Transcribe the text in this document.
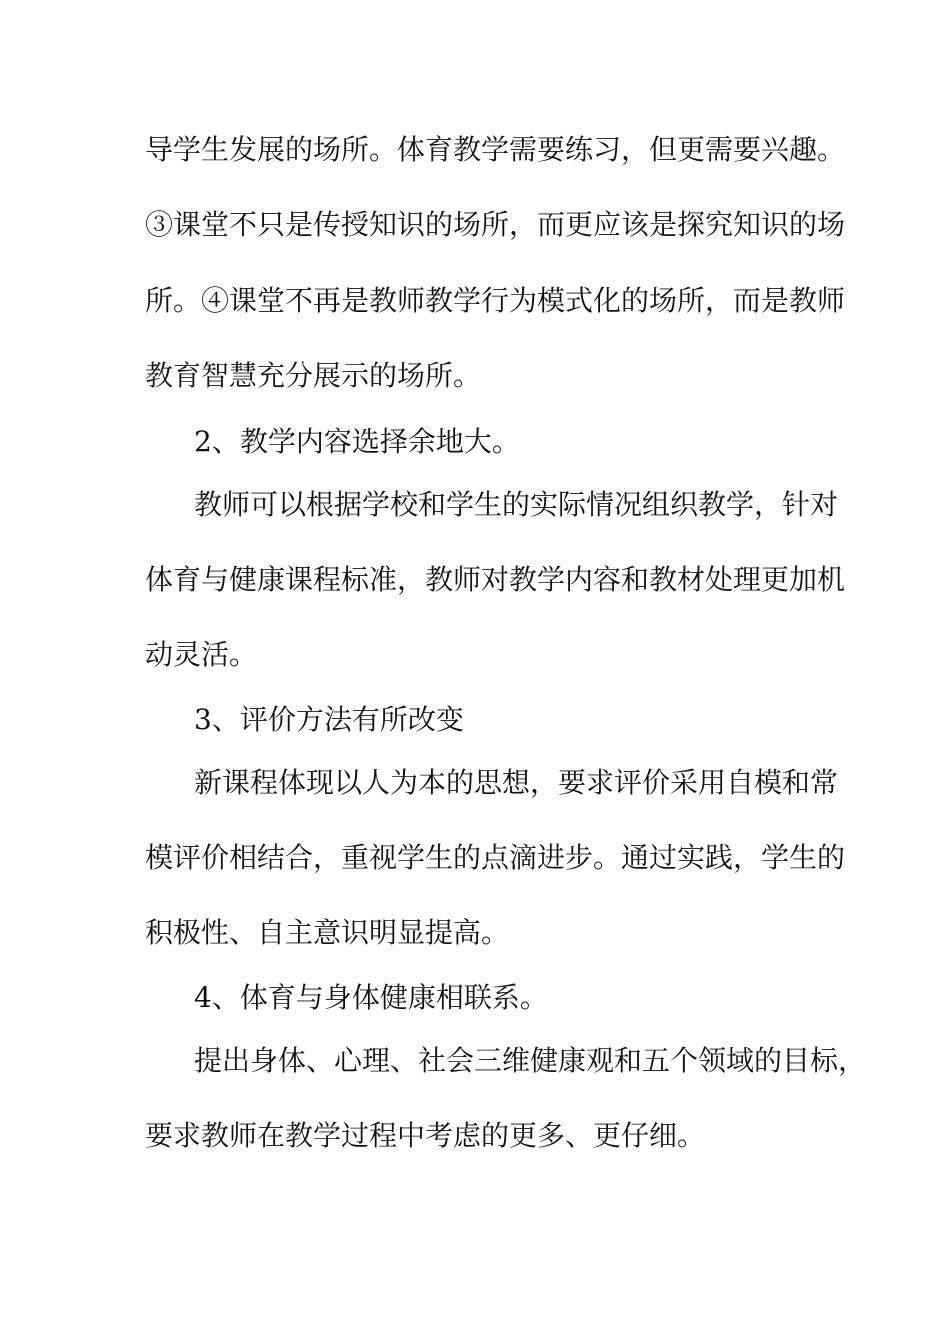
导学生发展的场所。体育教学需要练习，但更需要兴趣。
③课堂不只是传授知识的场所，而更应该是探究知识的场
所。④课堂不再是教师教学行为模式化的场所，而是教师
教育智慧充分展示的场所。
2、教学内容选择余地大。
教师可以根据学校和学生的实际情况组织教学，针对
体育与健康课程标准，教师对教学内容和教材处理更加机
动灵活。
3、评价方法有所改变
新课程体现以人为本的思想，要求评价采用自模和常
模评价相结合，重视学生的点滴进步。通过实践，学生的
积极性、自主意识明显提高。
4、体育与身体健康相联系。
提出身体、心理、社会三维健康观和五个领域的目标，
要求教师在教学过程中考虑的更多、更仔细。
